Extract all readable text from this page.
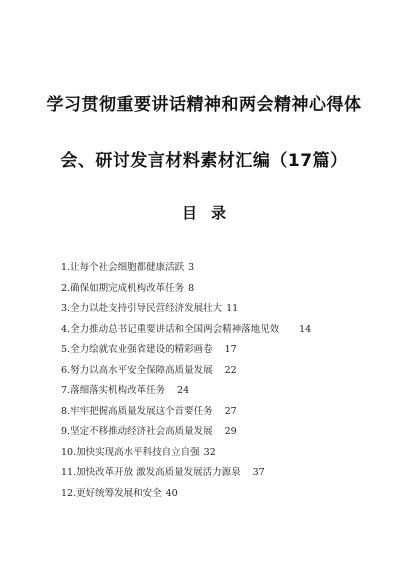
学习贯彻重要讲话精神和两会精神心得体
会、研讨发言材料素材汇编（17篇）
目录
1.让每个社会细胞都健康活跃 3
2.确保如期完成机构改革任务 8
3.全力以赴支持引导民营经济发展壮大 11
4.全力推动总书记重要讲话和全国两会精神落地见效 14
5.全力绘就农业强省建设的精彩画卷 17
6.努力以高水平安全保障高质量发展 22
7.落细落实机构改革任务 24
8.牢牢把握高质量发展这个首要任务 27
9.坚定不移推动经济社会高质量发展 29
10.加快实现高水平科技自立自强 32
11.加快改革开放 激发高质量发展活力源泉 37
12.更好统筹发展和安全 40
